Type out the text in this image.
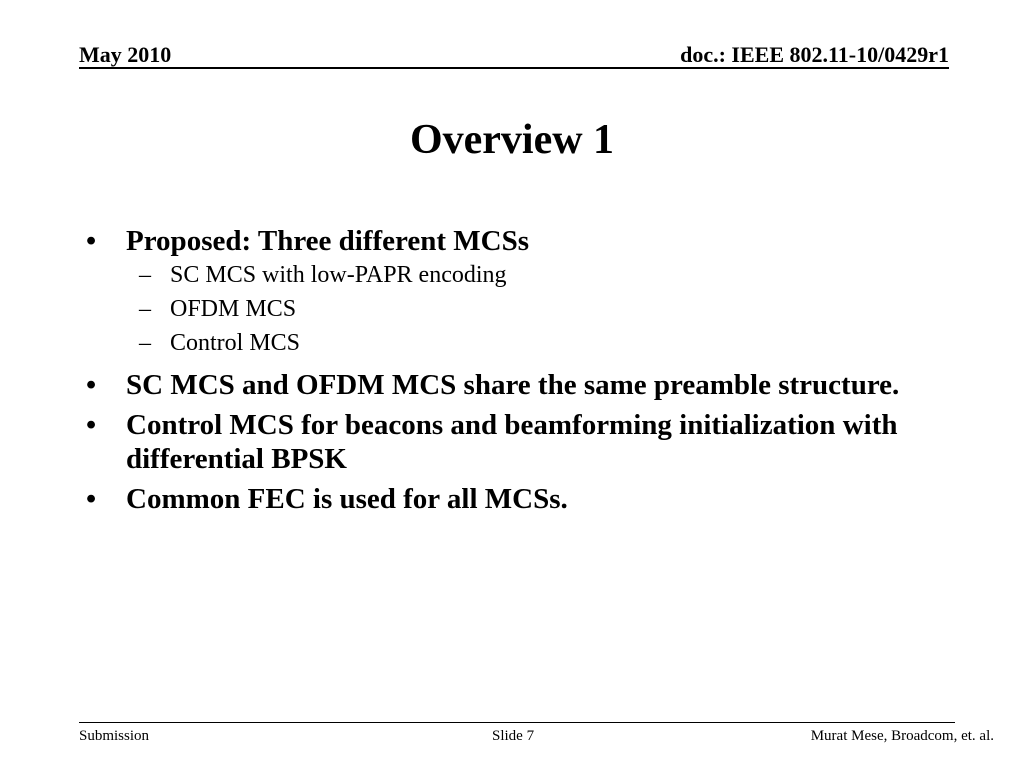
May 2010	doc.: IEEE 802.11-10/0429r1
Overview 1
• Proposed: Three different MCSs
– SC MCS with low-PAPR encoding
– OFDM MCS
– Control MCS
• SC MCS and OFDM MCS share the same preamble structure.
• Control MCS for beacons and beamforming initialization with differential BPSK
• Common FEC is used for all MCSs.
Submission	Slide 7	Murat Mese, Broadcom, et. al.
